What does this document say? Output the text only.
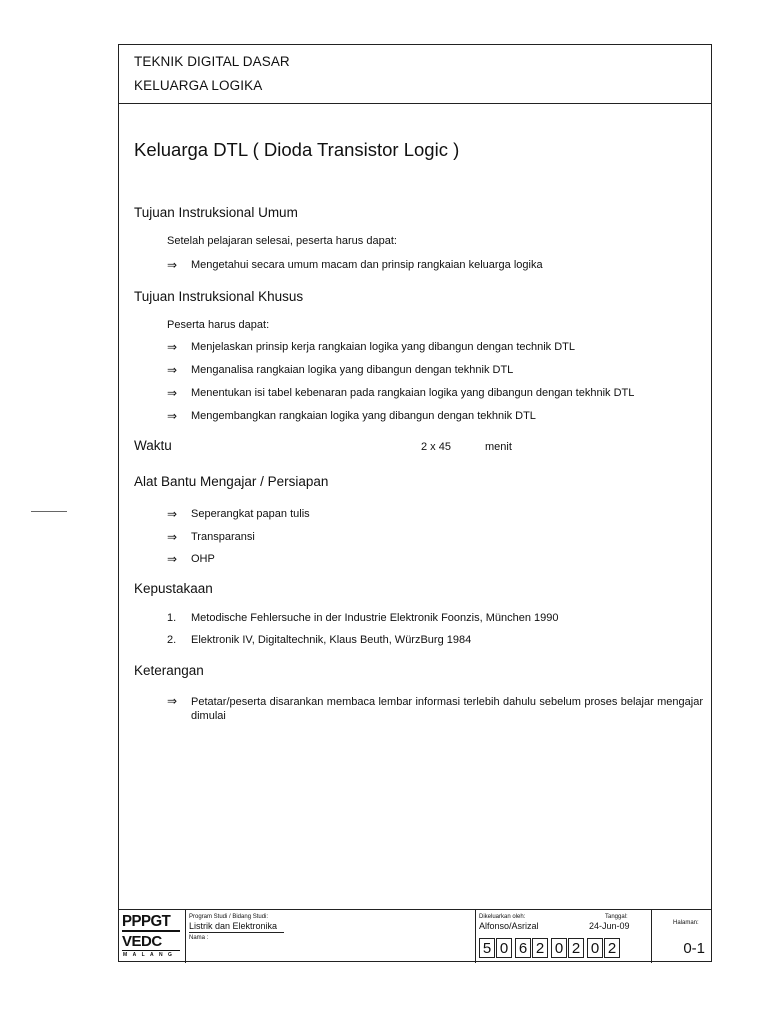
TEKNIK DIGITAL DASAR
KELUARGA LOGIKA
Keluarga DTL ( Dioda Transistor Logic )
Tujuan Instruksional Umum
Setelah pelajaran selesai, peserta harus dapat:
⇒ Mengetahui secara umum macam dan prinsip rangkaian keluarga logika
Tujuan Instruksional Khusus
Peserta harus dapat:
⇒ Menjelaskan prinsip kerja rangkaian logika yang dibangun dengan technik DTL
⇒ Menganalisa rangkaian logika yang dibangun dengan tekhnik DTL
⇒ Menentukan isi tabel kebenaran pada rangkaian logika yang dibangun dengan tekhnik DTL
⇒ Mengembangkan rangkaian logika yang dibangun dengan tekhnik DTL
Waktu	2 x 45	menit
Alat Bantu Mengajar / Persiapan
⇒ Seperangkat papan tulis
⇒ Transparansi
⇒ OHP
Kepustakaan
1. Metodische Fehlersuche in der Industrie Elektronik Foonzis, München 1990
2. Elektronik IV, Digitaltechnik, Klaus Beuth, WürzBurg 1984
Keterangan
⇒ Petatar/peserta disarankan membaca lembar informasi terlebih dahulu sebelum proses belajar mengajar dimulai
PPPGT
VEDC
MALANG
Program Studi / Bidang Studi:
Listrik dan Elektronika
Nama :
Dikeluarkan oleh:
Alfonso/Asrizal
Tanggal:
24-Jun-09
5 0 6 2 0 2 0 2
Halaman:
0-1
